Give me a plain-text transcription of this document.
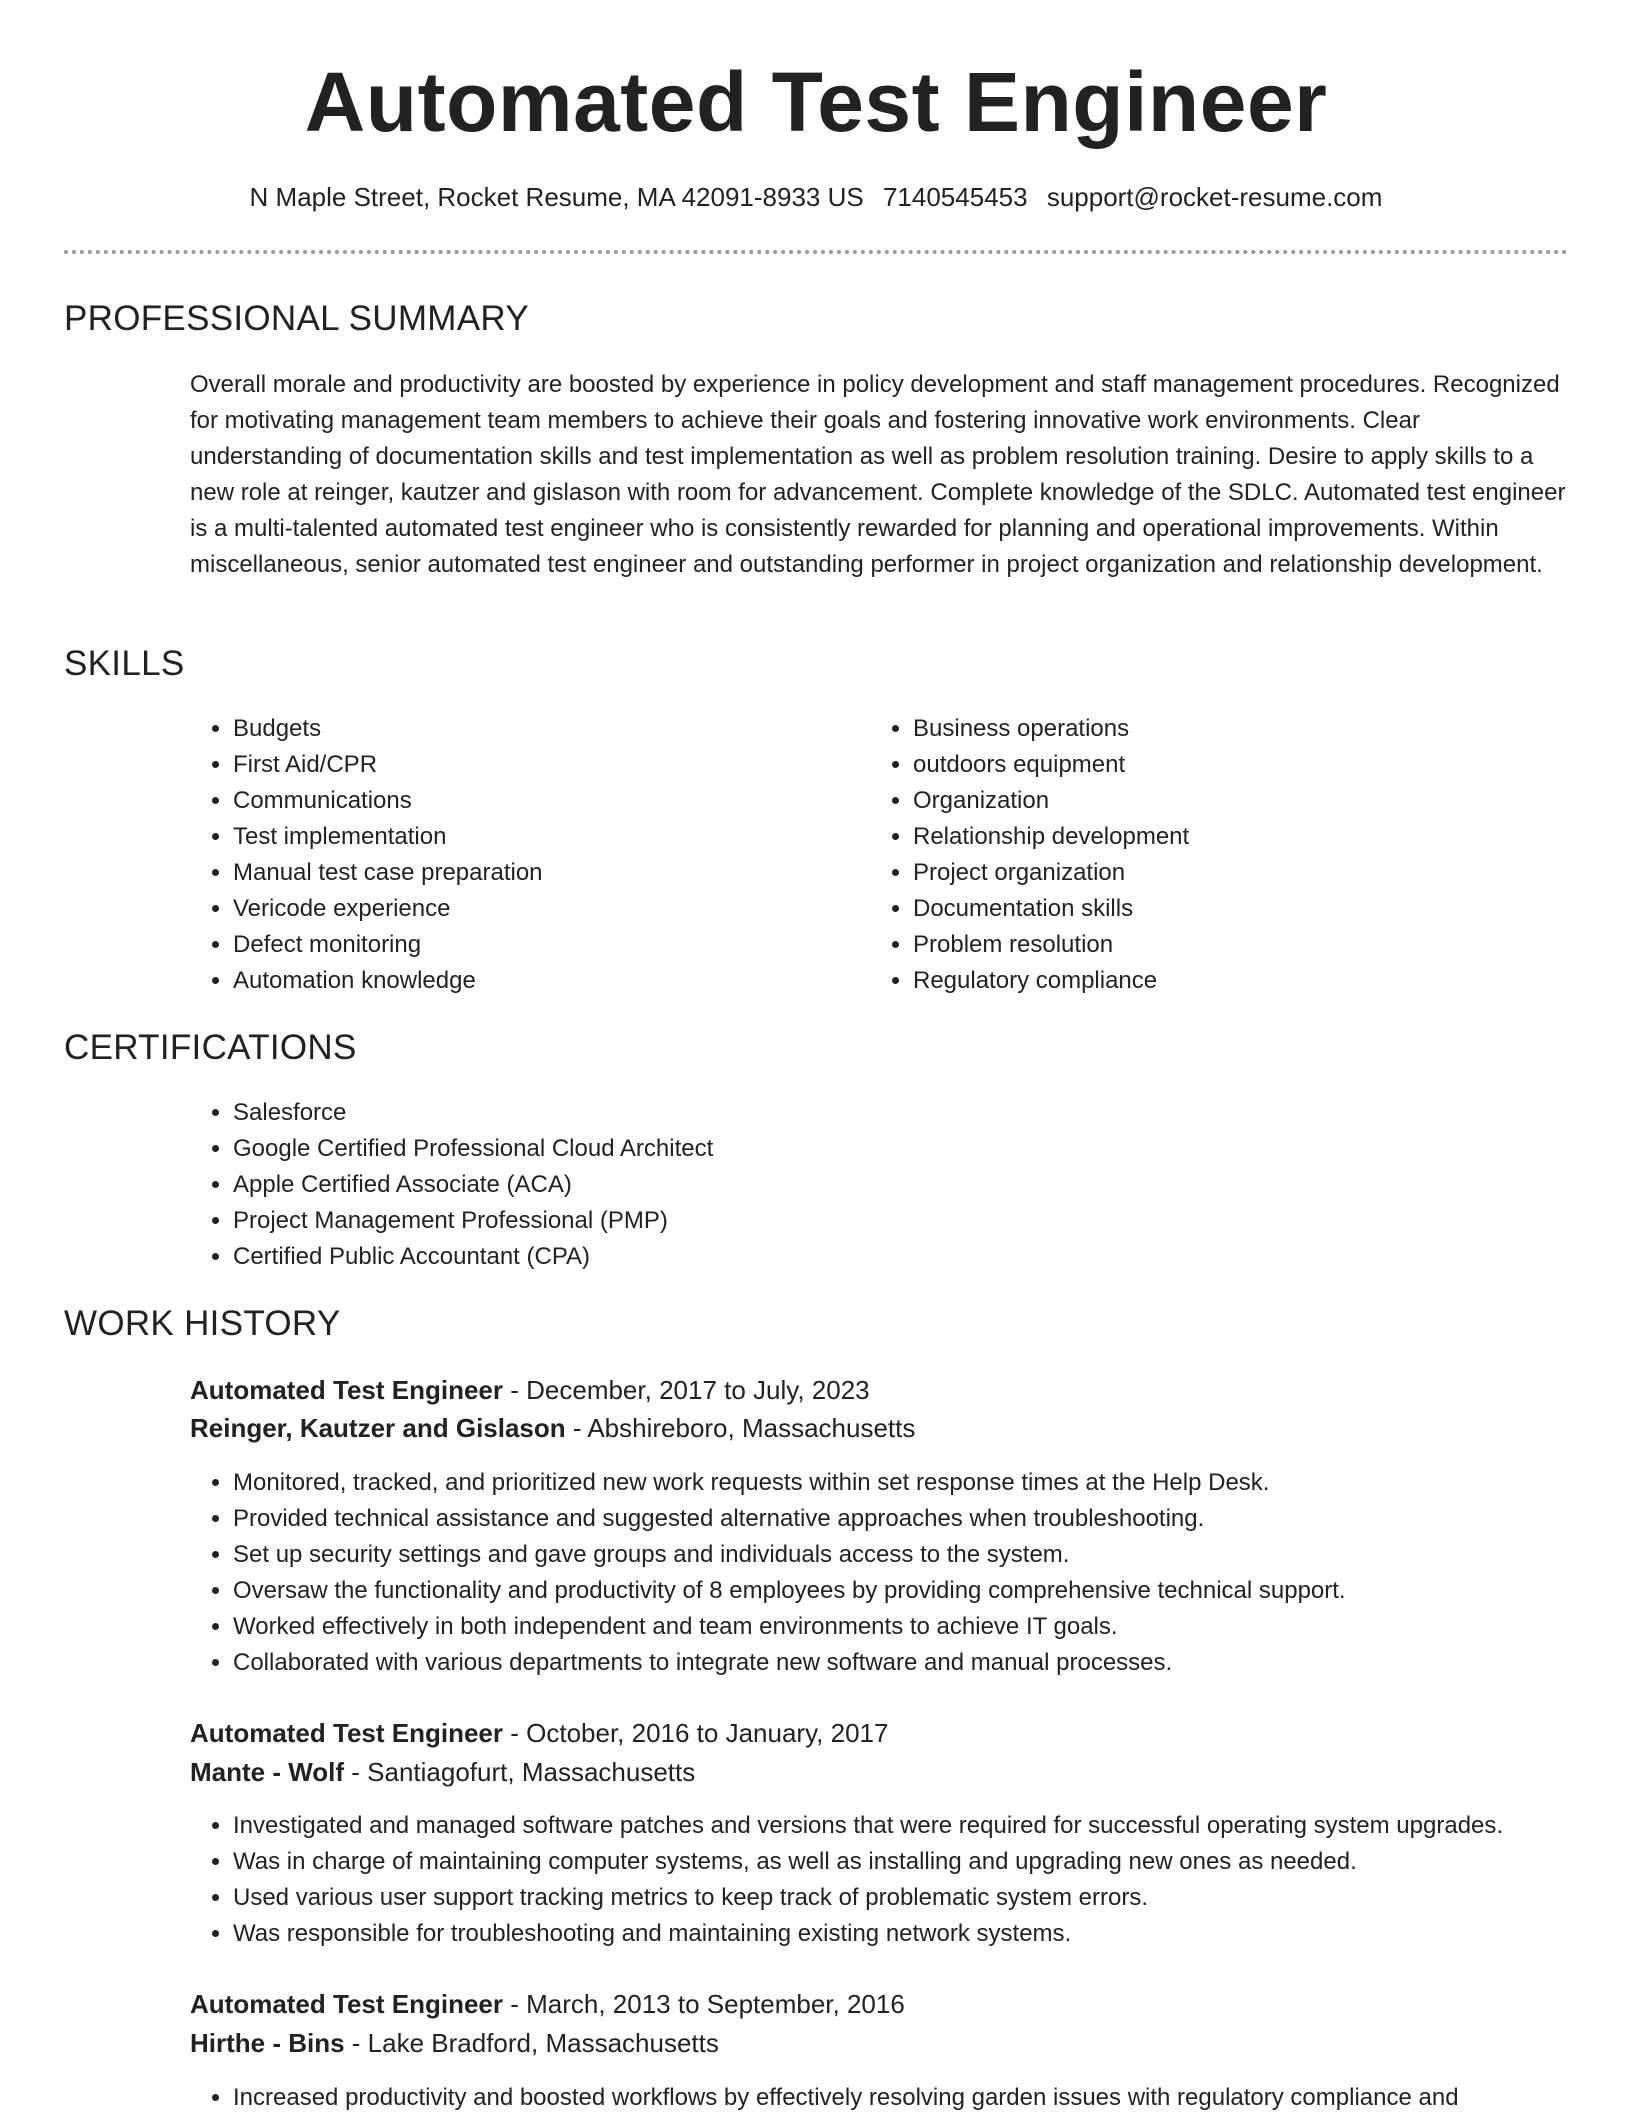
Automated Test Engineer
N Maple Street, Rocket Resume, MA 42091-8933 US 7140545453 support@rocket-resume.com
PROFESSIONAL SUMMARY

Overall morale and productivity are boosted by experience in policy development and staff management procedures. Recognized for motivating management team members to achieve their goals and fostering innovative work environments. Clear understanding of documentation skills and test implementation as well as problem resolution training. Desire to apply skills to a new role at reinger, kautzer and gislason with room for advancement. Complete knowledge of the SDLC. Automated test engineer is a multi-talented automated test engineer who is consistently rewarded for planning and operational improvements. Within miscellaneous, senior automated test engineer and outstanding performer in project organization and relationship development.

SKILLS
• Budgets
• First Aid/CPR
• Communications
• Test implementation
• Manual test case preparation
• Vericode experience
• Defect monitoring
• Automation knowledge
• Business operations
• outdoors equipment
• Organization
• Relationship development
• Project organization
• Documentation skills
• Problem resolution
• Regulatory compliance
CERTIFICATIONS
• Salesforce
• Google Certified Professional Cloud Architect
• Apple Certified Associate (ACA)
• Project Management Professional (PMP)
• Certified Public Accountant (CPA)
WORK HISTORY
Automated Test Engineer - December, 2017 to July, 2023
Reinger, Kautzer and Gislason - Abshireboro, Massachusetts
• Monitored, tracked, and prioritized new work requests within set response times at the Help Desk.
• Provided technical assistance and suggested alternative approaches when troubleshooting.
• Set up security settings and gave groups and individuals access to the system.
• Oversaw the functionality and productivity of 8 employees by providing comprehensive technical support.
• Worked effectively in both independent and team environments to achieve IT goals.
• Collaborated with various departments to integrate new software and manual processes.
Automated Test Engineer - October, 2016 to January, 2017
Mante - Wolf - Santiagofurt, Massachusetts
• Investigated and managed software patches and versions that were required for successful operating system upgrades.
• Was in charge of maintaining computer systems, as well as installing and upgrading new ones as needed.
• Used various user support tracking metrics to keep track of problematic system errors.
• Was responsible for troubleshooting and maintaining existing network systems.
Automated Test Engineer - March, 2013 to September, 2016
Hirthe - Bins - Lake Bradford, Massachusetts
• Increased productivity and boosted workflows by effectively resolving garden issues with regulatory compliance and
